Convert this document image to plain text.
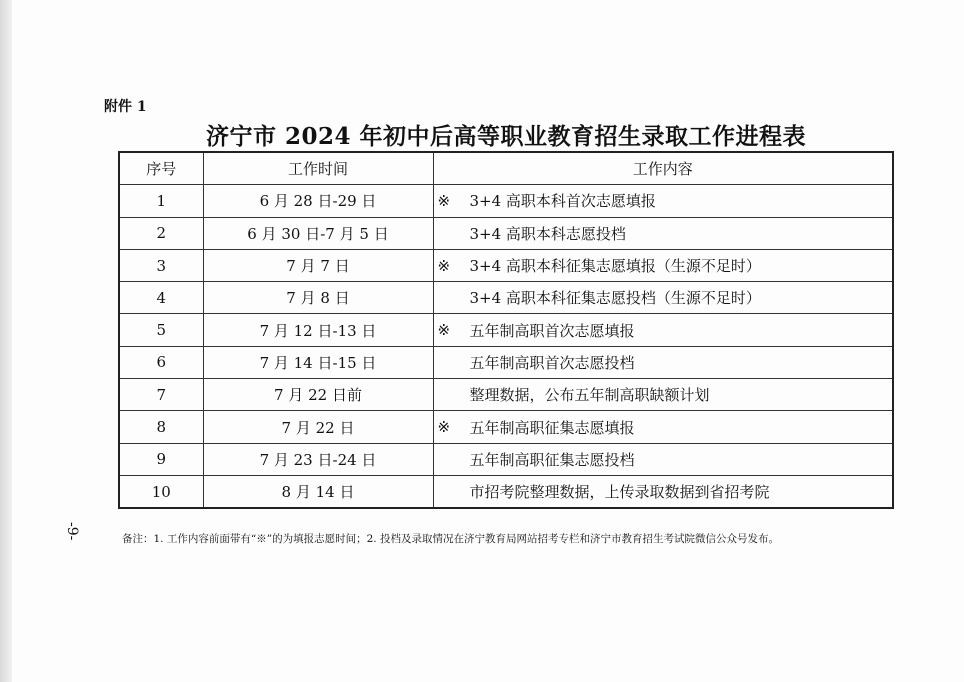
附件 1
济宁市 2024 年初中后高等职业教育招生录取工作进程表
序号	工作时间	工作内容
1	6 月 28 日-29 日	※ 3+4 高职本科首次志愿填报
2	6 月 30 日-7 月 5 日	3+4 高职本科志愿投档
3	7 月 7 日	※ 3+4 高职本科征集志愿填报（生源不足时）
4	7 月 8 日	3+4 高职本科征集志愿投档（生源不足时）
5	7 月 12 日-13 日	※ 五年制高职首次志愿填报
6	7 月 14 日-15 日	五年制高职首次志愿投档
7	7 月 22 日前	整理数据，公布五年制高职缺额计划
8	7 月 22 日	※ 五年制高职征集志愿填报
9	7 月 23 日-24 日	五年制高职征集志愿投档
10	8 月 14 日	市招考院整理数据，上传录取数据到省招考院
-9-	备注：1. 工作内容前面带有“※”的为填报志愿时间；2. 投档及录取情况在济宁教育局网站招考专栏和济宁市教育招生考试院微信公众号发布。
